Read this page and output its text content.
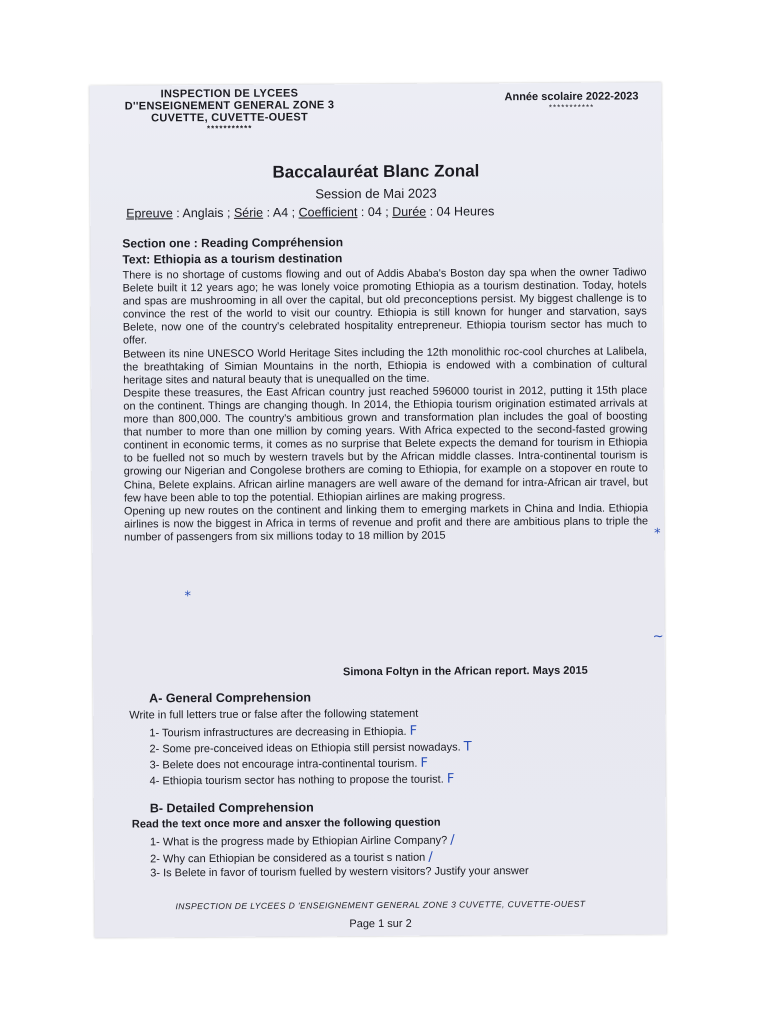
INSPECTION DE LYCEES
D''ENSEIGNEMENT GENERAL ZONE 3
CUVETTE, CUVETTE-OUEST
***********
Année scolaire 2022-2023
***********
Baccalauréat Blanc Zonal
Session de Mai 2023
Epreuve : Anglais ; Série : A4 ; Coefficient : 04 ; Durée : 04 Heures
Section one : Reading Compréhension
Text: Ethiopia as a tourism destination

There is no shortage of customs flowing and out of Addis Ababa's Boston day spa when the owner Tadiwo Belete built it 12 years ago; he was lonely voice promoting Ethiopia as a tourism destination. Today, hotels and spas are mushrooming in all over the capital, but old preconceptions persist. My biggest challenge is to convince the rest of the world to visit our country. Ethiopia is still known for hunger and starvation, says Belete, now one of the country's celebrated hospitality entrepreneur. Ethiopia tourism sector has much to offer.

Between its nine UNESCO World Heritage Sites including the 12th monolithic roc-cool churches at Lalibela, the breathtaking of Simian Mountains in the north, Ethiopia is endowed with a combination of cultural heritage sites and natural beauty that is unequalled on the time.

Despite these treasures, the East African country just reached 596000 tourist in 2012, putting it 15th place on the continent. Things are changing though. In 2014, the Ethiopia tourism origination estimated arrivals at more than 800,000. The country's ambitious grown and transformation plan includes the goal of boosting that number to more than one million by coming years. With Africa expected to the second-fasted growing continent in economic terms, it comes as no surprise that Belete expects the demand for tourism in Ethiopia to be fuelled not so much by western travels but by the African middle classes. Intra-continental tourism is growing our Nigerian and Congolese brothers are coming to Ethiopia, for example on a stopover en route to China, Belete explains. African airline managers are well aware of the demand for intra-African air travel, but few have been able to top the potential. Ethiopian airlines are making progress.

Opening up new routes on the continent and linking them to emerging markets in China and India. Ethiopia airlines is now the biggest in Africa in terms of revenue and profit and there are ambitious plans to triple the number of passengers from six millions today to 18 million by 2015

Simona Foltyn in the African report. Mays 2015
A- General Comprehension
Write in full letters true or false after the following statement
1- Tourism infrastructures are decreasing in Ethiopia. F
2- Some pre-conceived ideas on Ethiopia still persist nowadays. T
3- Belete does not encourage intra-continental tourism. F
4- Ethiopia tourism sector has nothing to propose the tourist. F
B- Detailed Comprehension
Read the text once more and ansxer the following question
1- What is the progress made by Ethiopian Airline Company? /
2- Why can Ethiopian be considered as a tourist s nation /
3- Is Belete in favor of tourism fuelled by western visitors? Justify your answer
*
*
~
INSPECTION DE LYCEES D 'ENSEIGNEMENT GENERAL ZONE 3 CUVETTE, CUVETTE-OUEST
Page 1 sur 2
